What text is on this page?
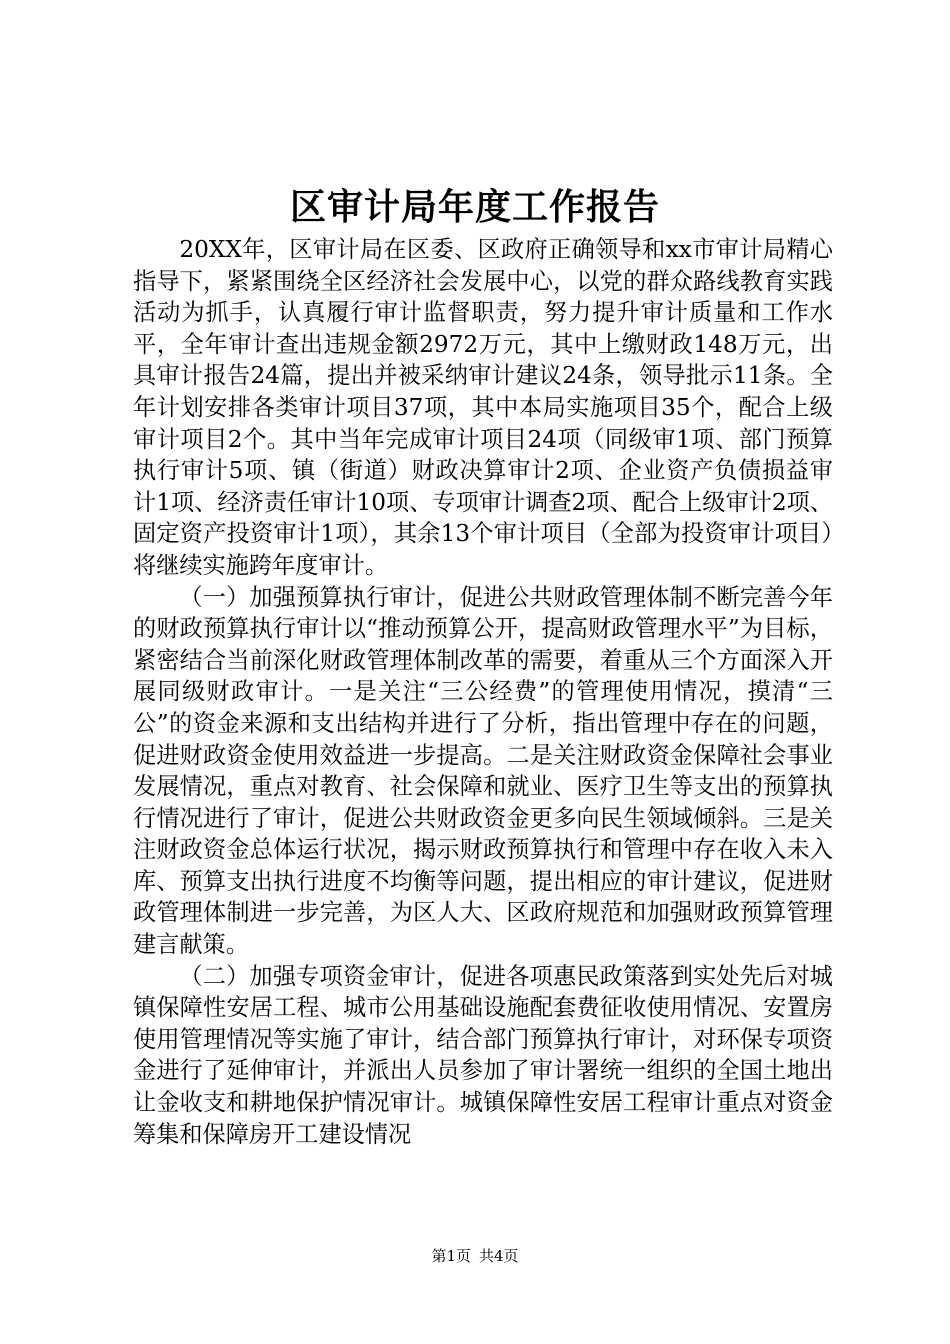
区审计局年度工作报告

20XX年，区审计局在区委、区政府正确领导和xx市审计局精心指导下，紧紧围绕全区经济社会发展中心，以党的群众路线教育实践活动为抓手，认真履行审计监督职责，努力提升审计质量和工作水平，全年审计查出违规金额2972万元，其中上缴财政148万元，出具审计报告24篇，提出并被采纳审计建议24条，领导批示11条。全年计划安排各类审计项目37项，其中本局实施项目35个，配合上级审计项目2个。其中当年完成审计项目24项（同级审1项、部门预算执行审计5项、镇（街道）财政决算审计2项、企业资产负债损益审计1项、经济责任审计10项、专项审计调查2项、配合上级审计2项、固定资产投资审计1项），其余13个审计项目（全部为投资审计项目）将继续实施跨年度审计。

（一）加强预算执行审计，促进公共财政管理体制不断完善今年的财政预算执行审计以“推动预算公开，提高财政管理水平”为目标，紧密结合当前深化财政管理体制改革的需要，着重从三个方面深入开展同级财政审计。一是关注“三公经费”的管理使用情况，摸清“三公”的资金来源和支出结构并进行了分析，指出管理中存在的问题，促进财政资金使用效益进一步提高。二是关注财政资金保障社会事业发展情况，重点对教育、社会保障和就业、医疗卫生等支出的预算执行情况进行了审计，促进公共财政资金更多向民生领域倾斜。三是关注财政资金总体运行状况，揭示财政预算执行和管理中存在收入未入库、预算支出执行进度不均衡等问题，提出相应的审计建议，促进财政管理体制进一步完善，为区人大、区政府规范和加强财政预算管理建言献策。

（二）加强专项资金审计，促进各项惠民政策落到实处先后对城镇保障性安居工程、城市公用基础设施配套费征收使用情况、安置房使用管理情况等实施了审计，结合部门预算执行审计，对环保专项资金进行了延伸审计，并派出人员参加了审计署统一组织的全国土地出让金收支和耕地保护情况审计。城镇保障性安居工程审计重点对资金筹集和保障房开工建设情况

第1页 共4页
